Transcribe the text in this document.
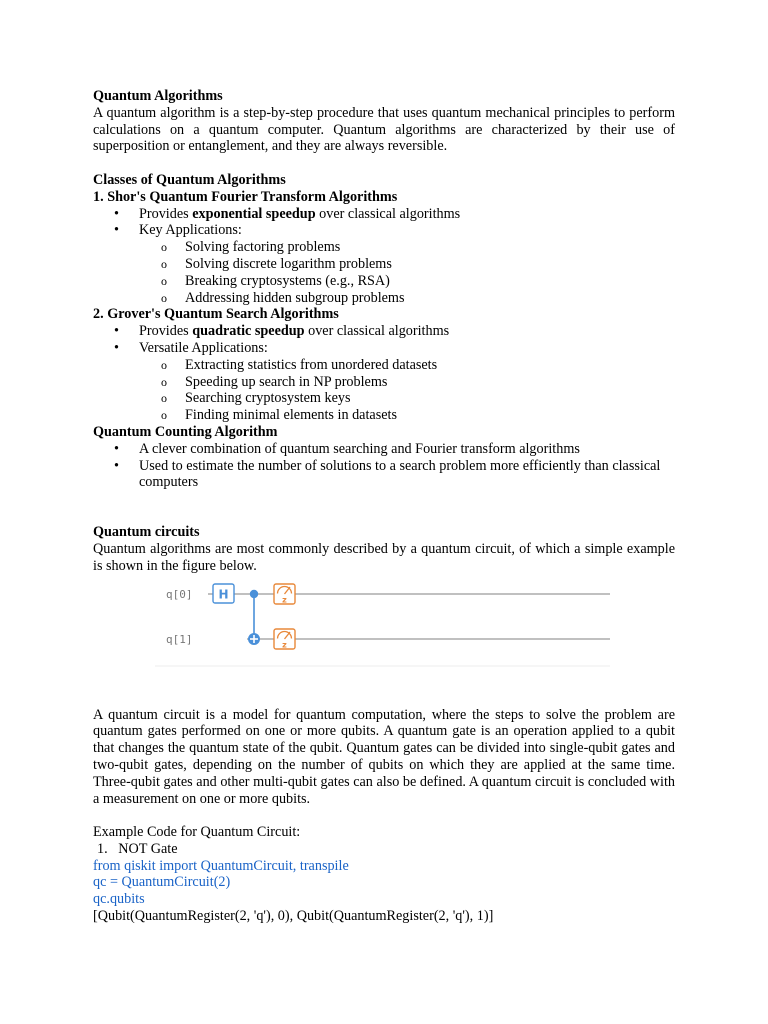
Quantum Algorithms

A quantum algorithm is a step-by-step procedure that uses quantum mechanical principles to perform calculations on a quantum computer. Quantum algorithms are characterized by their use of superposition or entanglement, and they are always reversible.

Classes of Quantum Algorithms

1. Shor's Quantum Fourier Transform Algorithms

• Provides exponential speedup over classical algorithms
• Key Applications:
o Solving factoring problems
o Solving discrete logarithm problems
o Breaking cryptosystems (e.g., RSA)
o Addressing hidden subgroup problems

2. Grover's Quantum Search Algorithms

• Provides quadratic speedup over classical algorithms
• Versatile Applications:
o Extracting statistics from unordered datasets
o Speeding up search in NP problems
o Searching cryptosystem keys
o Finding minimal elements in datasets

Quantum Counting Algorithm

• A clever combination of quantum searching and Fourier transform algorithms
• Used to estimate the number of solutions to a search problem more efficiently than classical computers

Quantum circuits

Quantum algorithms are most commonly described by a quantum circuit, of which a simple example is shown in the figure below.

q[0]
q[1]
H	z
z

A quantum circuit is a model for quantum computation, where the steps to solve the problem are quantum gates performed on one or more qubits. A quantum gate is an operation applied to a qubit that changes the quantum state of the qubit. Quantum gates can be divided into single-qubit gates and two-qubit gates, depending on the number of qubits on which they are applied at the same time. Three-qubit gates and other multi-qubit gates can also be defined. A quantum circuit is concluded with a measurement on one or more qubits.

Example Code for Quantum Circuit:

1. NOT Gate

from qiskit import QuantumCircuit, transpile

qc = QuantumCircuit(2)

qc.qubits

[Qubit(QuantumRegister(2, 'q'), 0), Qubit(QuantumRegister(2, 'q'), 1)]
